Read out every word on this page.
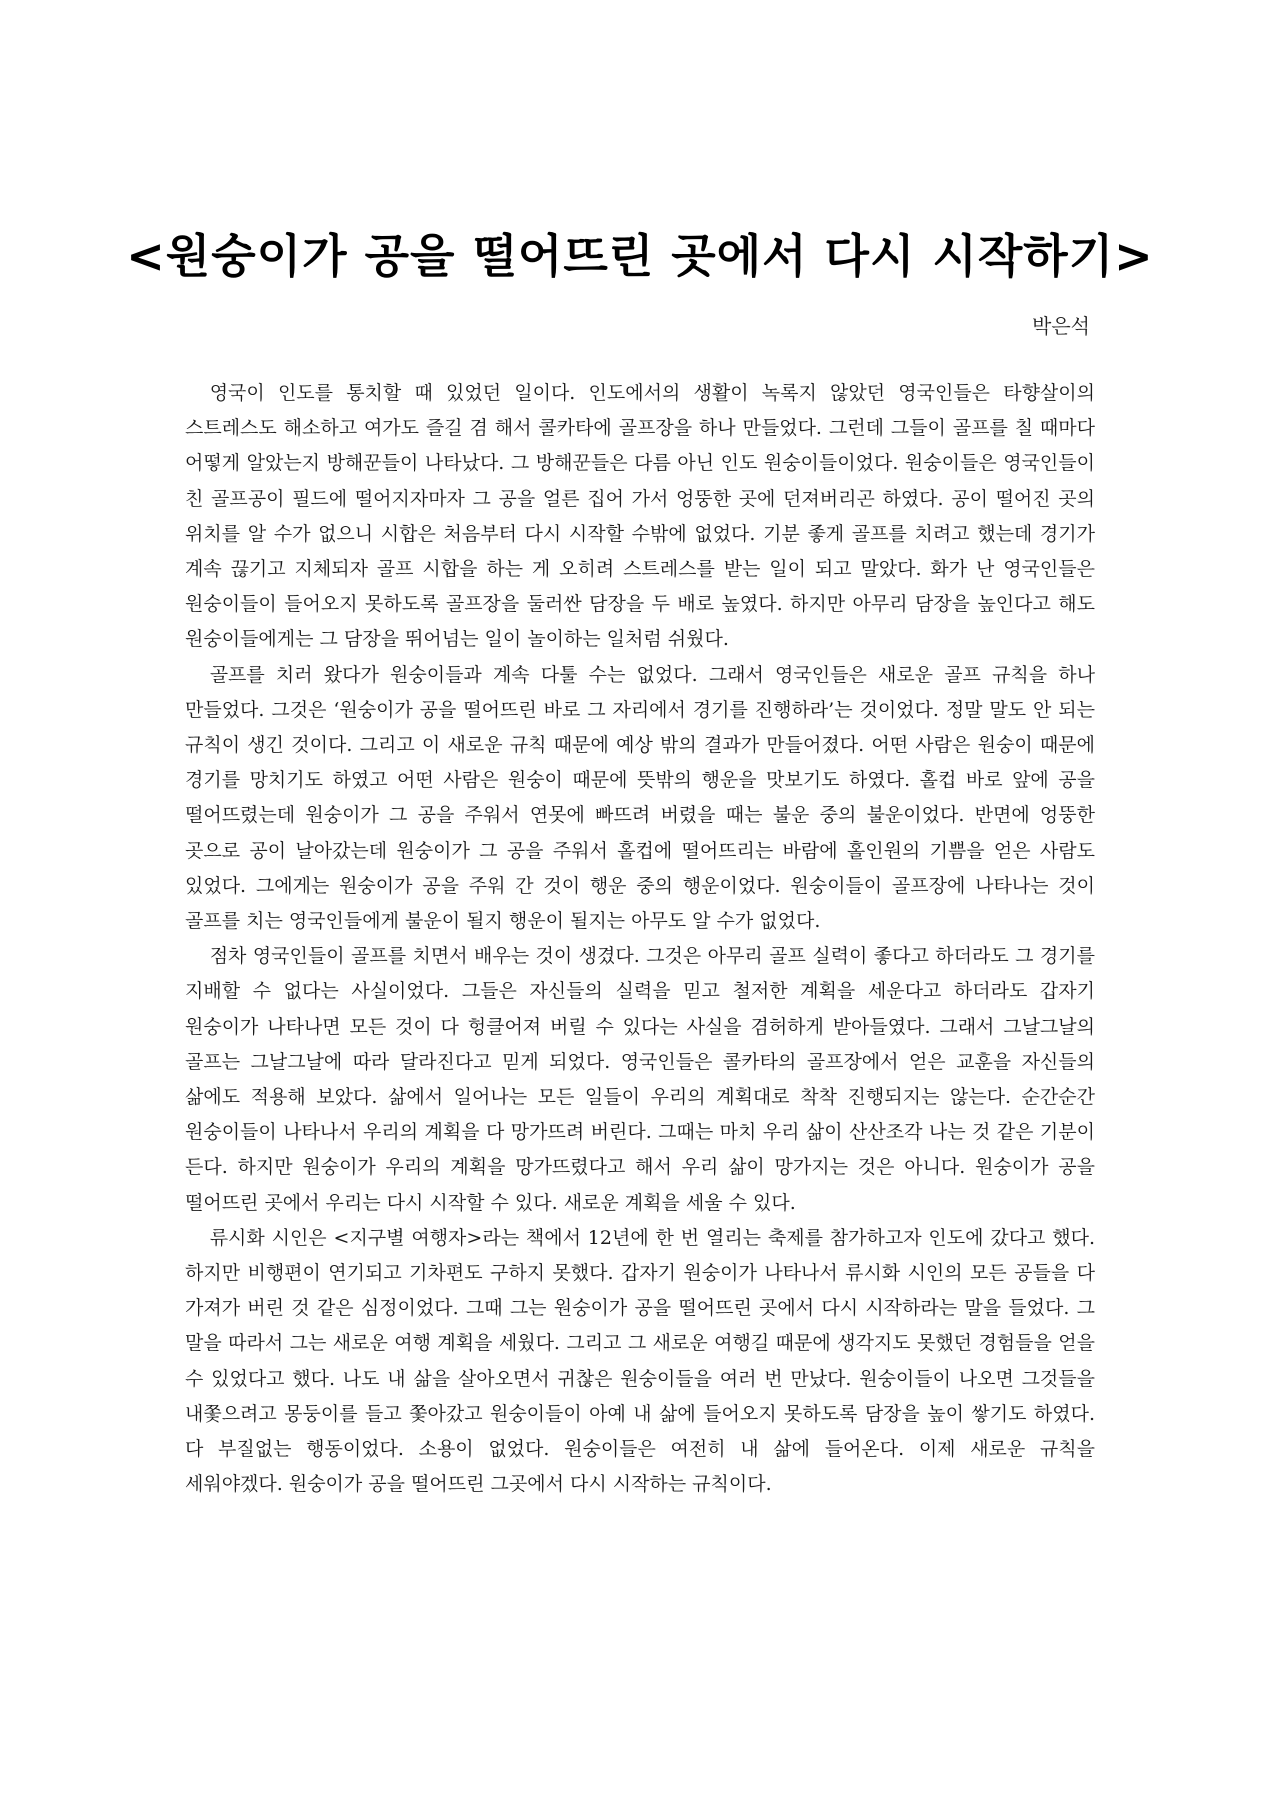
<원숭이가 공을 떨어뜨린 곳에서 다시 시작하기>
박은석

영국이 인도를 통치할 때 있었던 일이다. 인도에서의 생활이 녹록지 않았던 영국인들은 타향살이의 스트레스도 해소하고 여가도 즐길 겸 해서 콜카타에 골프장을 하나 만들었다. 그런데 그들이 골프를 칠 때마다 어떻게 알았는지 방해꾼들이 나타났다. 그 방해꾼들은 다름 아닌 인도 원숭이들이었다. 원숭이들은 영국인들이 친 골프공이 필드에 떨어지자마자 그 공을 얼른 집어 가서 엉뚱한 곳에 던져버리곤 하였다. 공이 떨어진 곳의 위치를 알 수가 없으니 시합은 처음부터 다시 시작할 수밖에 없었다. 기분 좋게 골프를 치려고 했는데 경기가 계속 끊기고 지체되자 골프 시합을 하는 게 오히려 스트레스를 받는 일이 되고 말았다. 화가 난 영국인들은 원숭이들이 들어오지 못하도록 골프장을 둘러싼 담장을 두 배로 높였다. 하지만 아무리 담장을 높인다고 해도 원숭이들에게는 그 담장을 뛰어넘는 일이 놀이하는 일처럼 쉬웠다.

골프를 치러 왔다가 원숭이들과 계속 다툴 수는 없었다. 그래서 영국인들은 새로운 골프 규칙을 하나 만들었다. 그것은 ‘원숭이가 공을 떨어뜨린 바로 그 자리에서 경기를 진행하라’는 것이었다. 정말 말도 안 되는 규칙이 생긴 것이다. 그리고 이 새로운 규칙 때문에 예상 밖의 결과가 만들어졌다. 어떤 사람은 원숭이 때문에 경기를 망치기도 하였고 어떤 사람은 원숭이 때문에 뜻밖의 행운을 맛보기도 하였다. 홀컵 바로 앞에 공을 떨어뜨렸는데 원숭이가 그 공을 주워서 연못에 빠뜨려 버렸을 때는 불운 중의 불운이었다. 반면에 엉뚱한 곳으로 공이 날아갔는데 원숭이가 그 공을 주워서 홀컵에 떨어뜨리는 바람에 홀인원의 기쁨을 얻은 사람도 있었다. 그에게는 원숭이가 공을 주워 간 것이 행운 중의 행운이었다. 원숭이들이 골프장에 나타나는 것이 골프를 치는 영국인들에게 불운이 될지 행운이 될지는 아무도 알 수가 없었다.

점차 영국인들이 골프를 치면서 배우는 것이 생겼다. 그것은 아무리 골프 실력이 좋다고 하더라도 그 경기를 지배할 수 없다는 사실이었다. 그들은 자신들의 실력을 믿고 철저한 계획을 세운다고 하더라도 갑자기 원숭이가 나타나면 모든 것이 다 헝클어져 버릴 수 있다는 사실을 겸허하게 받아들였다. 그래서 그날그날의 골프는 그날그날에 따라 달라진다고 믿게 되었다. 영국인들은 콜카타의 골프장에서 얻은 교훈을 자신들의 삶에도 적용해 보았다. 삶에서 일어나는 모든 일들이 우리의 계획대로 착착 진행되지는 않는다. 순간순간 원숭이들이 나타나서 우리의 계획을 다 망가뜨려 버린다. 그때는 마치 우리 삶이 산산조각 나는 것 같은 기분이 든다. 하지만 원숭이가 우리의 계획을 망가뜨렸다고 해서 우리 삶이 망가지는 것은 아니다. 원숭이가 공을 떨어뜨린 곳에서 우리는 다시 시작할 수 있다. 새로운 계획을 세울 수 있다.

류시화 시인은 <지구별 여행자>라는 책에서 12년에 한 번 열리는 축제를 참가하고자 인도에 갔다고 했다. 하지만 비행편이 연기되고 기차편도 구하지 못했다. 갑자기 원숭이가 나타나서 류시화 시인의 모든 공들을 다 가져가 버린 것 같은 심정이었다. 그때 그는 원숭이가 공을 떨어뜨린 곳에서 다시 시작하라는 말을 들었다. 그 말을 따라서 그는 새로운 여행 계획을 세웠다. 그리고 그 새로운 여행길 때문에 생각지도 못했던 경험들을 얻을 수 있었다고 했다. 나도 내 삶을 살아오면서 귀찮은 원숭이들을 여러 번 만났다. 원숭이들이 나오면 그것들을 내쫓으려고 몽둥이를 들고 쫓아갔고 원숭이들이 아예 내 삶에 들어오지 못하도록 담장을 높이 쌓기도 하였다. 다 부질없는 행동이었다. 소용이 없었다. 원숭이들은 여전히 내 삶에 들어온다. 이제 새로운 규칙을 세워야겠다. 원숭이가 공을 떨어뜨린 그곳에서 다시 시작하는 규칙이다.
